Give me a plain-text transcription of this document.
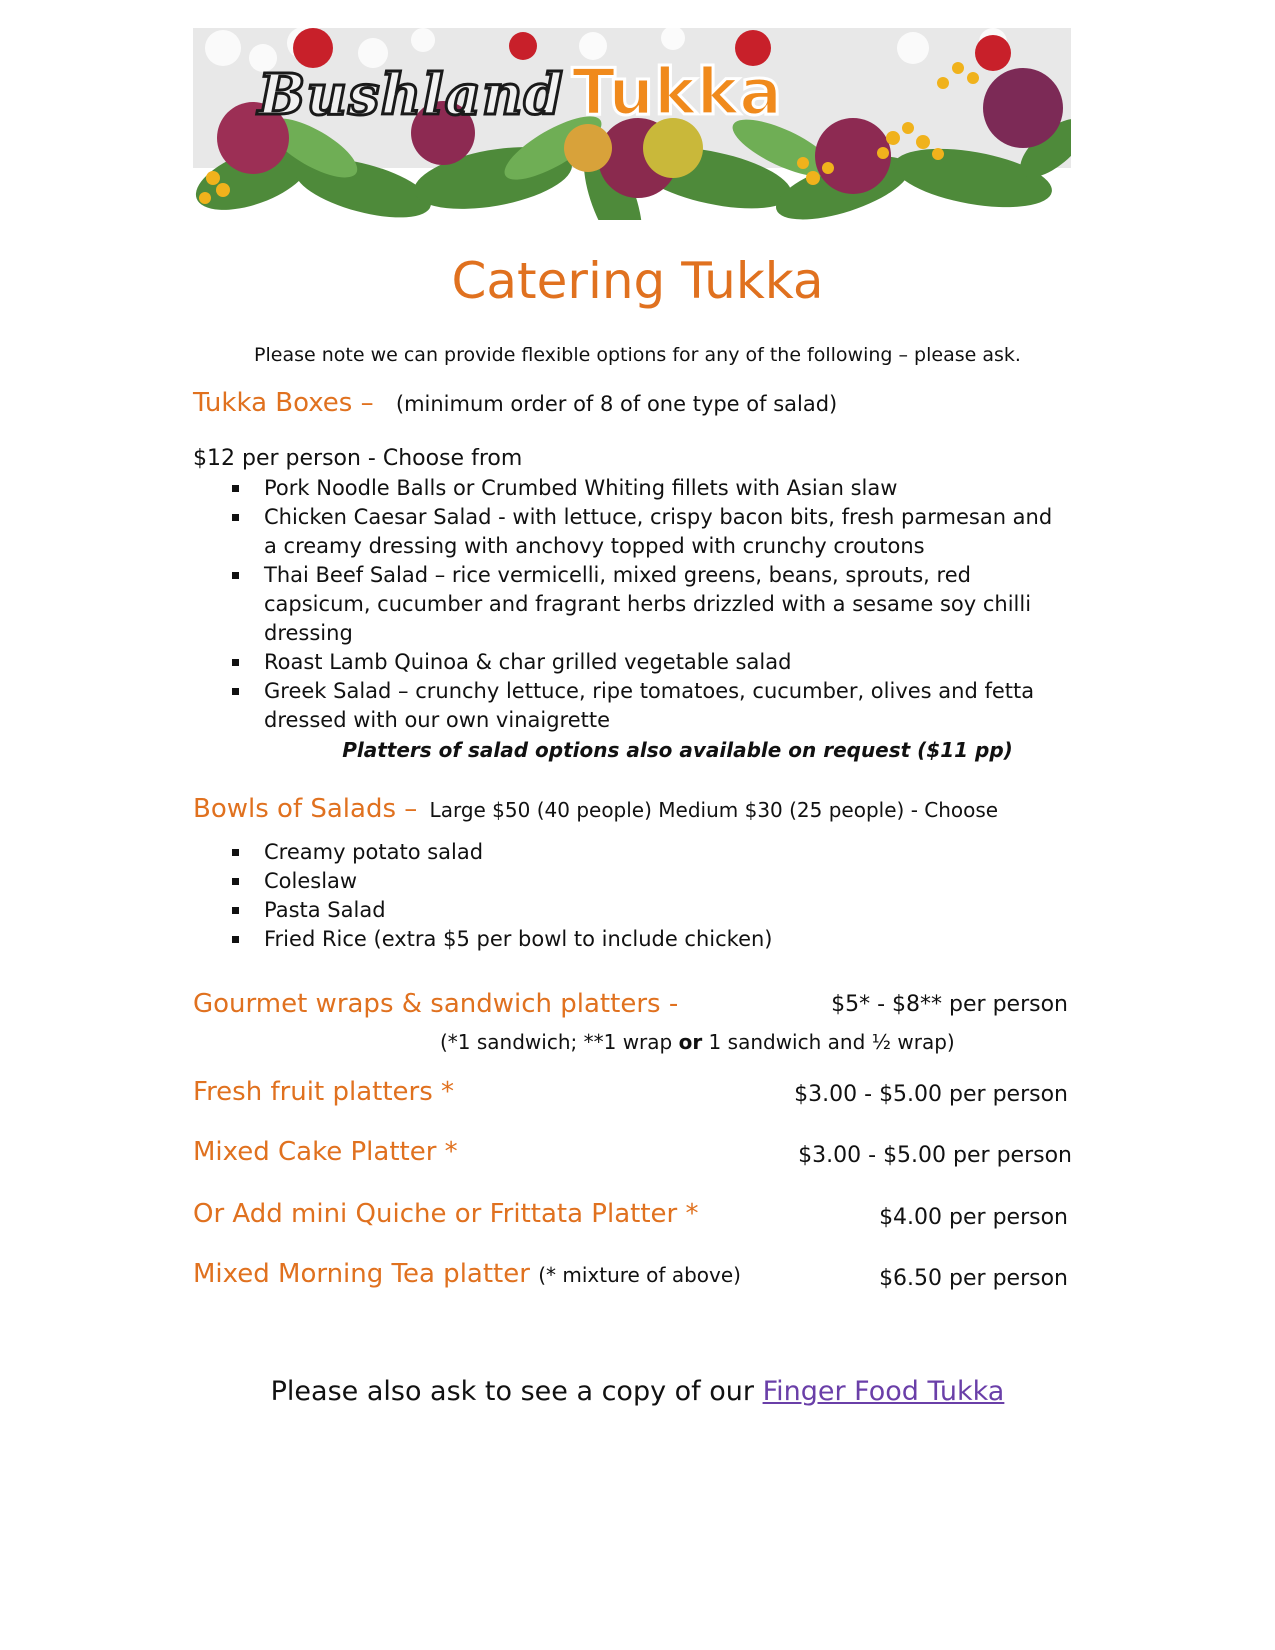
Bushland Tukka
Catering Tukka
Please note we can provide flexible options for any of the following – please ask.
Tukka Boxes – (minimum order of 8 of one type of salad)
$12 per person - Choose from
Pork Noodle Balls or Crumbed Whiting fillets with Asian slaw
Chicken Caesar Salad - with lettuce, crispy bacon bits, fresh parmesan and a creamy dressing with anchovy topped with crunchy croutons
Thai Beef Salad – rice vermicelli, mixed greens, beans, sprouts, red capsicum, cucumber and fragrant herbs drizzled with a sesame soy chilli dressing
Roast Lamb Quinoa & char grilled vegetable salad
Greek Salad – crunchy lettuce, ripe tomatoes, cucumber, olives and fetta dressed with our own vinaigrette
Platters of salad options also available on request ($11 pp)
Bowls of Salads – Large $50 (40 people) Medium $30 (25 people) - Choose
Creamy potato salad
Coleslaw
Pasta Salad
Fried Rice (extra $5 per bowl to include chicken)
Gourmet wraps & sandwich platters -	$5* - $8** per person
(*1 sandwich; **1 wrap or 1 sandwich and ½ wrap)
Fresh fruit platters *	$3.00 - $5.00 per person
Mixed Cake Platter *	$3.00 - $5.00 per person
Or Add mini Quiche or Frittata Platter *	$4.00 per person
Mixed Morning Tea platter (* mixture of above)	$6.50 per person
Please also ask to see a copy of our Finger Food Tukka
